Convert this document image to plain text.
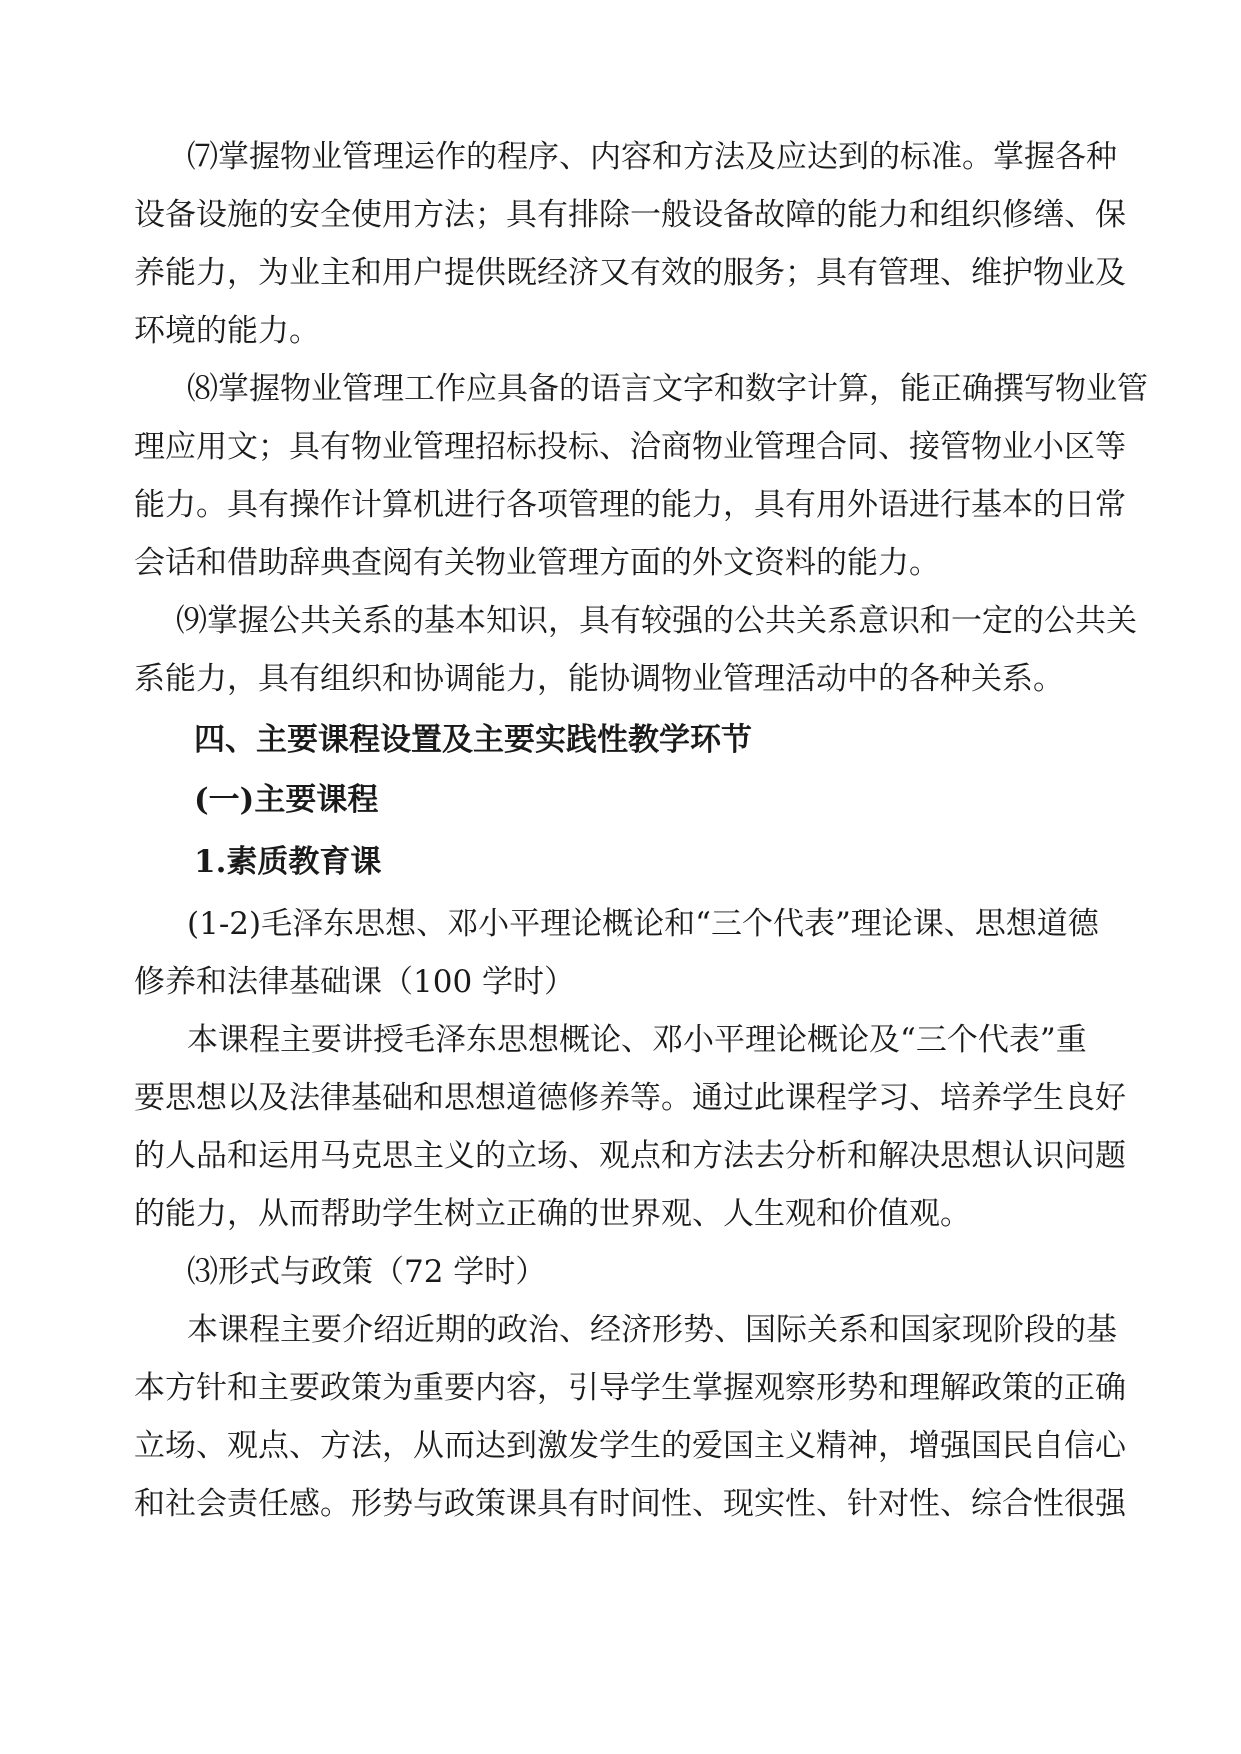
⑺掌握物业管理运作的程序、内容和方法及应达到的标准。掌握各种
设备设施的安全使用方法；具有排除一般设备故障的能力和组织修缮、保
养能力，为业主和用户提供既经济又有效的服务；具有管理、维护物业及
环境的能力。
⑻掌握物业管理工作应具备的语言文字和数字计算，能正确撰写物业管
理应用文；具有物业管理招标投标、洽商物业管理合同、接管物业小区等
能力。具有操作计算机进行各项管理的能力，具有用外语进行基本的日常
会话和借助辞典查阅有关物业管理方面的外文资料的能力。
⑼掌握公共关系的基本知识，具有较强的公共关系意识和一定的公共关
系能力，具有组织和协调能力，能协调物业管理活动中的各种关系。
四、主要课程设置及主要实践性教学环节
(一)主要课程
1.素质教育课
(1-2)毛泽东思想、邓小平理论概论和“三个代表”理论课、思想道德
修养和法律基础课（100 学时）
本课程主要讲授毛泽东思想概论、邓小平理论概论及“三个代表”重
要思想以及法律基础和思想道德修养等。通过此课程学习、培养学生良好
的人品和运用马克思主义的立场、观点和方法去分析和解决思想认识问题
的能力，从而帮助学生树立正确的世界观、人生观和价值观。
⑶形式与政策（72 学时）
本课程主要介绍近期的政治、经济形势、国际关系和国家现阶段的基
本方针和主要政策为重要内容，引导学生掌握观察形势和理解政策的正确
立场、观点、方法，从而达到激发学生的爱国主义精神，增强国民自信心
和社会责任感。形势与政策课具有时间性、现实性、针对性、综合性很强
